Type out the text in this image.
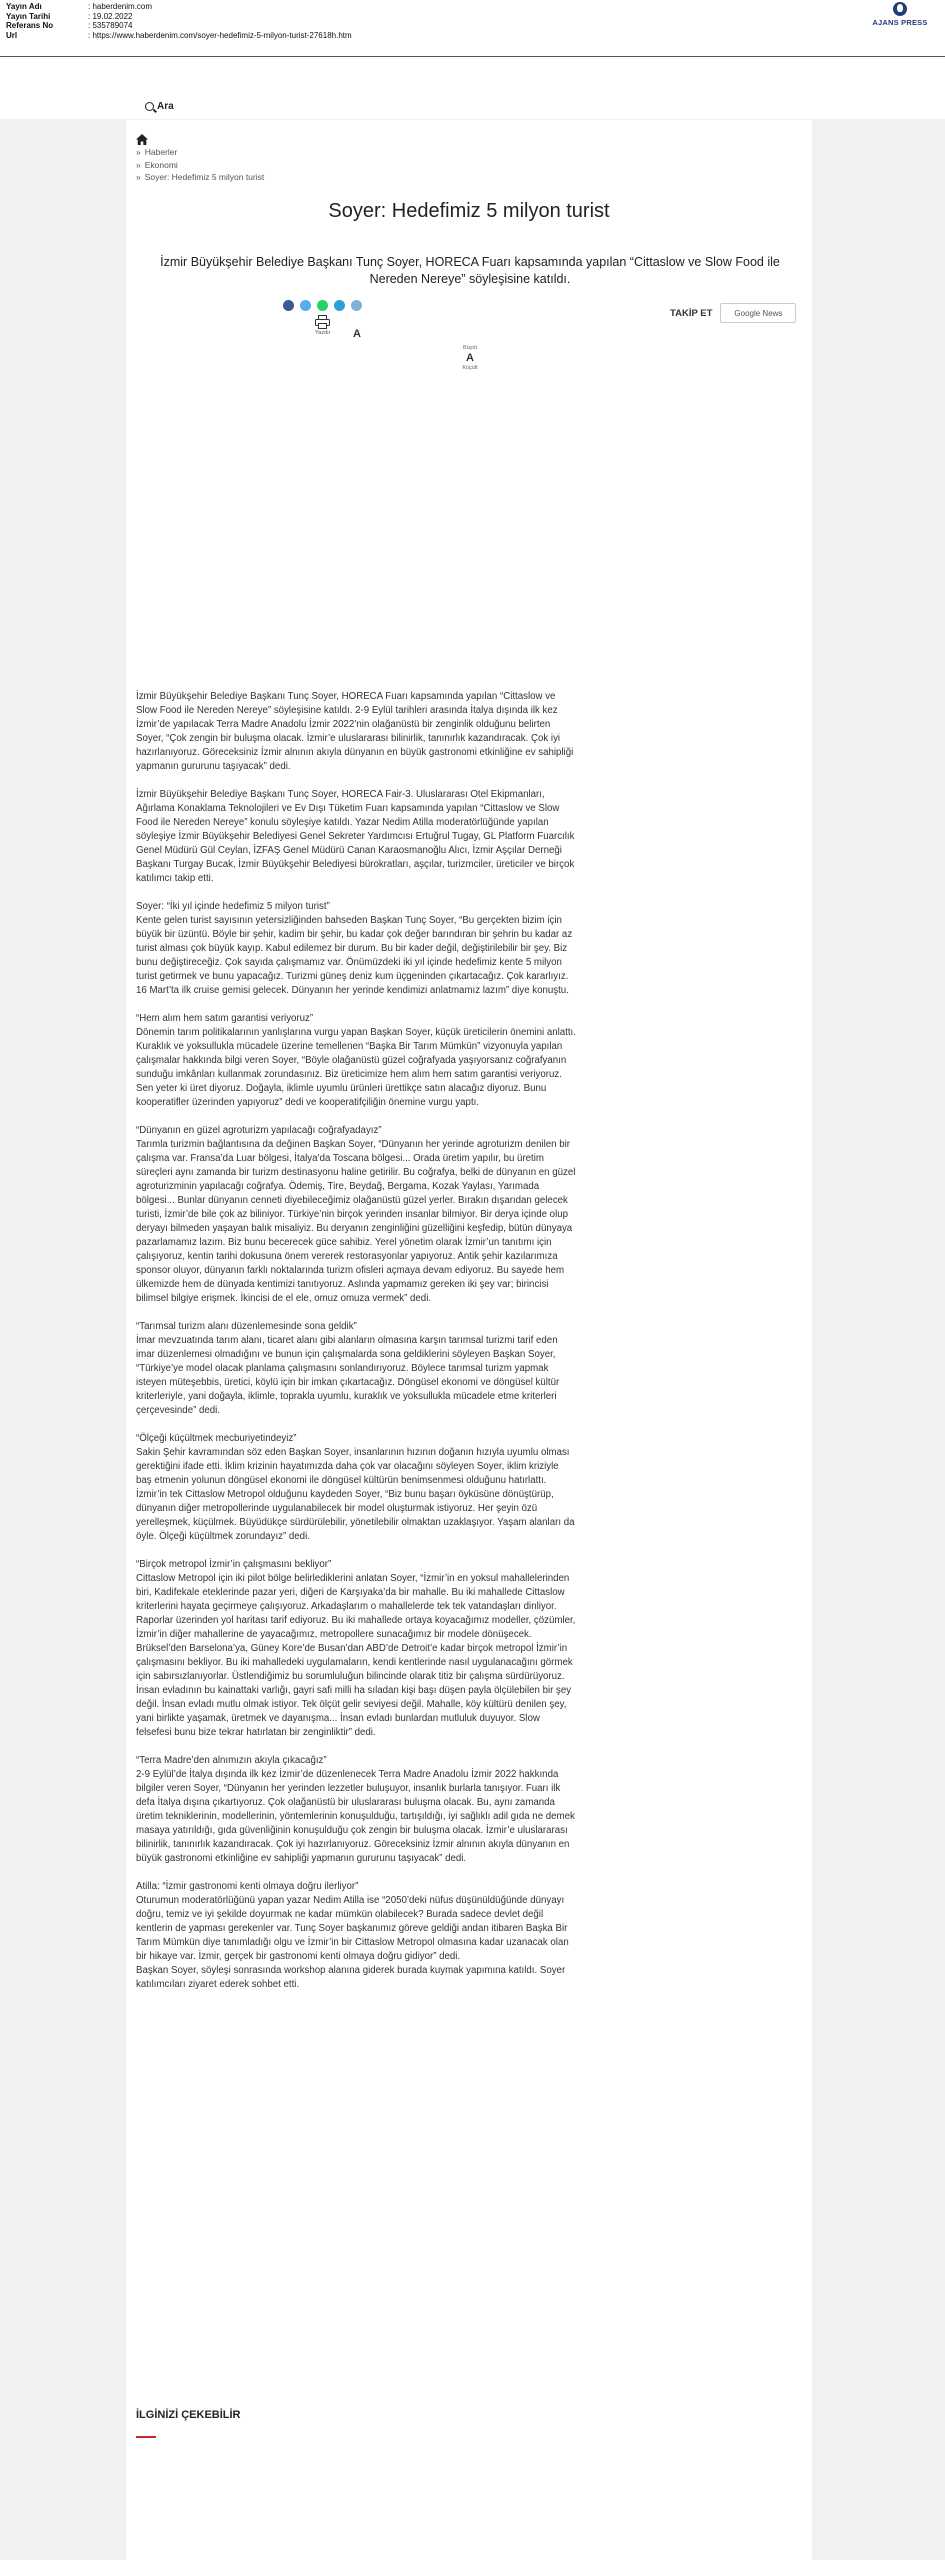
Yayın Adı	: haberdenim.com
Yayın Tarihi	: 19.02.2022
Referans No	: 535789074
Url	: https://www.haberdenim.com/soyer-hedefimiz-5-milyon-turist-27618h.htm
AJANS PRESS
Ara
» Haberler
» Ekonomi
» Soyer: Hedefimiz 5 milyon turist
Soyer: Hedefimiz 5 milyon turist

İzmir Büyükşehir Belediye Başkanı Tunç Soyer, HORECA Fuarı kapsamında yapılan “Cittaslow ve Slow Food ile Nereden Nereye” söyleşisine katıldı.

Yazdır A
TAKİP ET	Google News
Büyüt
A
Küçült

İzmir Büyükşehir Belediye Başkanı Tunç Soyer, HORECA Fuarı kapsamında yapılan “Cittaslow ve Slow Food ile Nereden Nereye” söyleşisine katıldı. 2-9 Eylül tarihleri arasında İtalya dışında ilk kez İzmir’de yapılacak Terra Madre Anadolu İzmir 2022’nin olağanüstü bir zenginlik olduğunu belirten Soyer, “Çok zengin bir buluşma olacak. İzmir’e uluslararası bilinirlik, tanınırlık kazandıracak. Çok iyi hazırlanıyoruz. Göreceksiniz İzmir alnının akıyla dünyanın en büyük gastronomi etkinliğine ev sahipliği yapmanın gururunu taşıyacak” dedi.

İzmir Büyükşehir Belediye Başkanı Tunç Soyer, HORECA Fair-3. Uluslararası Otel Ekipmanları, Ağırlama Konaklama Teknolojileri ve Ev Dışı Tüketim Fuarı kapsamında yapılan “Cittaslow ve Slow Food ile Nereden Nereye” konulu söyleşiye katıldı. Yazar Nedim Atilla moderatörlüğünde yapılan söyleşiye İzmir Büyükşehir Belediyesi Genel Sekreter Yardımcısı Ertuğrul Tugay, GL Platform Fuarcılık Genel Müdürü Gül Ceylan, İZFAŞ Genel Müdürü Canan Karaosmanoğlu Alıcı, İzmir Aşçılar Derneği Başkanı Turgay Bucak, İzmir Büyükşehir Belediyesi bürokratları, aşçılar, turizmciler, üreticiler ve birçok katılımcı takip etti.

Soyer: “İki yıl içinde hedefimiz 5 milyon turist”
Kente gelen turist sayısının yetersizliğinden bahseden Başkan Tunç Soyer, “Bu gerçekten bizim için büyük bir üzüntü. Böyle bir şehir, kadim bir şehir, bu kadar çok değer barındıran bir şehrin bu kadar az turist alması çok büyük kayıp. Kabul edilemez bir durum. Bu bir kader değil, değiştirilebilir bir şey. Biz bunu değiştireceğiz. Çok sayıda çalışmamız var. Önümüzdeki iki yıl içinde hedefimiz kente 5 milyon turist getirmek ve bunu yapacağız. Turizmi güneş deniz kum üçgeninden çıkartacağız. Çok kararlıyız. 16 Mart’ta ilk cruise gemisi gelecek. Dünyanın her yerinde kendimizi anlatmamız lazım” diye konuştu.

“Hem alım hem satım garantisi veriyoruz”
Dönemin tarım politikalarının yanlışlarına vurgu yapan Başkan Soyer, küçük üreticilerin önemini anlattı. Kuraklık ve yoksullukla mücadele üzerine temellenen “Başka Bir Tarım Mümkün” vizyonuyla yapılan çalışmalar hakkında bilgi veren Soyer, “Böyle olağanüstü güzel coğrafyada yaşıyorsanız coğrafyanın sunduğu imkânları kullanmak zorundasınız. Biz üreticimize hem alım hem satım garantisi veriyoruz. Sen yeter ki üret diyoruz. Doğayla, iklimle uyumlu ürünleri ürettikçe satın alacağız diyoruz. Bunu kooperatifler üzerinden yapıyoruz” dedi ve kooperatifçiliğin önemine vurgu yaptı.

“Dünyanın en güzel agroturizm yapılacağı coğrafyadayız”
Tarımla turizmin bağlantısına da değinen Başkan Soyer, “Dünyanın her yerinde agroturizm denilen bir çalışma var. Fransa’da Luar bölgesi, İtalya’da Toscana bölgesi... Orada üretim yapılır, bu üretim süreçleri aynı zamanda bir turizm destinasyonu haline getirilir. Bu coğrafya, belki de dünyanın en güzel agroturizminin yapılacağı coğrafya. Ödemiş, Tire, Beydağ, Bergama, Kozak Yaylası, Yarımada bölgesi... Bunlar dünyanın cenneti diyebileceğimiz olağanüstü güzel yerler. Bırakın dışarıdan gelecek turisti, İzmir’de bile çok az biliniyor. Türkiye’nin birçok yerinden insanlar bilmiyor. Bir derya içinde olup deryayı bilmeden yaşayan balık misaliyiz. Bu deryanın zenginliğini güzelliğini keşfedip, bütün dünyaya pazarlamamız lazım. Biz bunu becerecek güce sahibiz. Yerel yönetim olarak İzmir’un tanıtımı için çalışıyoruz, kentin tarihi dokusuna önem vererek restorasyonlar yapıyoruz. Antik şehir kazılarımıza sponsor oluyor, dünyanın farklı noktalarında turizm ofisleri açmaya devam ediyoruz. Bu sayede hem ülkemizde hem de dünyada kentimizi tanıtıyoruz. Aslında yapmamız gereken iki şey var; birincisi bilimsel bilgiye erişmek. İkincisi de el ele, omuz omuza vermek” dedi.

“Tarımsal turizm alanı düzenlemesinde sona geldik”
İmar mevzuatında tarım alanı, ticaret alanı gibi alanların olmasına karşın tarımsal turizmi tarif eden imar düzenlemesi olmadığını ve bunun için çalışmalarda sona geldiklerini söyleyen Başkan Soyer, “Türkiye’ye model olacak planlama çalışmasını sonlandırıyoruz. Böylece tarımsal turizm yapmak isteyen müteşebbis, üretici, köylü için bir imkan çıkartacağız. Döngüsel ekonomi ve döngüsel kültür kriterleriyle, yani doğayla, iklimle, toprakla uyumlu, kuraklık ve yoksullukla mücadele etme kriterleri çerçevesinde” dedi.

“Ölçeği küçültmek mecburiyetindeyiz”
Sakin Şehir kavramından söz eden Başkan Soyer, insanlarının hızının doğanın hızıyla uyumlu olması gerektiğini ifade etti. İklim krizinin hayatımızda daha çok var olacağını söyleyen Soyer, iklim kriziyle baş etmenin yolunun döngüsel ekonomi ile döngüsel kültürün benimsenmesi olduğunu hatırlattı. İzmir’in tek Cittaslow Metropol olduğunu kaydeden Soyer, “Biz bunu başarı öyküsüne dönüştürüp, dünyanın diğer metropollerinde uygulanabilecek bir model oluşturmak istiyoruz. Her şeyin özü yerelleşmek, küçülmek. Büyüdükçe sürdürülebilir, yönetilebilir olmaktan uzaklaşıyor. Yaşam alanları da öyle. Ölçeği küçültmek zorundayız” dedi.

“Birçok metropol İzmir’in çalışmasını bekliyor”
Cittaslow Metropol için iki pilot bölge belirlediklerini anlatan Soyer, “İzmir’in en yoksul mahallelerinden biri, Kadifekale eteklerinde pazar yeri, diğeri de Karşıyaka’da bir mahalle. Bu iki mahallede Cittaslow kriterlerini hayata geçirmeye çalışıyoruz. Arkadaşlarım o mahallelerde tek tek vatandaşları dinliyor. Raporlar üzerinden yol haritası tarif ediyoruz. Bu iki mahallede ortaya koyacağımız modeller, çözümler, İzmir’in diğer mahallerine de yayacağımız, metropollere sunacağımız bir modele dönüşecek. Brüksel’den Barselona’ya, Güney Kore’de Busan’dan ABD’de Detroit’e kadar birçok metropol İzmir’in çalışmasını bekliyor. Bu iki mahalledeki uygulamaların, kendi kentlerinde nasıl uygulanacağını görmek için sabırsızlanıyorlar. Üstlendiğimiz bu sorumluluğun bilincinde olarak titiz bir çalışma sürdürüyoruz. İnsan evladının bu kainattaki varlığı, gayri safi milli ha sıladan kişi başı düşen payla ölçülebilen bir şey değil. İnsan evladı mutlu olmak istiyor. Tek ölçüt gelir seviyesi değil. Mahalle, köy kültürü denilen şey, yani birlikte yaşamak, üretmek ve dayanışma... İnsan evladı bunlardan mutluluk duyuyor. Slow felsefesi bunu bize tekrar hatırlatan bir zenginliktir” dedi.

“Terra Madre’den alnımızın akıyla çıkacağız”
2-9 Eylül’de İtalya dışında ilk kez İzmir’de düzenlenecek Terra Madre Anadolu İzmir 2022 hakkında bilgiler veren Soyer, “Dünyanın her yerinden lezzetler buluşuyor, insanlık burlarla tanışıyor. Fuarı ilk defa İtalya dışına çıkartıyoruz. Çok olağanüstü bir uluslararası buluşma olacak. Bu, aynı zamanda üretim tekniklerinin, modellerinin, yöntemlerinin konuşulduğu, tartışıldığı, iyi sağlıklı adil gıda ne demek masaya yatırıldığı, gıda güvenliğinin konuşulduğu çok zengin bir buluşma olacak. İzmir’e uluslararası bilinirlik, tanınırlık kazandıracak. Çok iyi hazırlanıyoruz. Göreceksiniz İzmir alnının akıyla dünyanın en büyük gastronomi etkinliğine ev sahipliği yapmanın gururunu taşıyacak” dedi.

Atilla: “İzmir gastronomi kenti olmaya doğru ilerliyor”
Oturumun moderatörlüğünü yapan yazar Nedim Atilla ise “2050’deki nüfus düşünüldüğünde dünyayı doğru, temiz ve iyi şekilde doyurmak ne kadar mümkün olabilecek? Burada sadece devlet değil kentlerin de yapması gerekenler var. Tunç Soyer başkanımız göreve geldiği andan itibaren Başka Bir Tarım Mümkün diye tanımladığı olgu ve İzmir’in bir Cittaslow Metropol olmasına kadar uzanacak olan bir hikaye var. İzmir, gerçek bir gastronomi kenti olmaya doğru gidiyor” dedi.
Başkan Soyer, söyleşi sonrasında workshop alanına giderek burada kuymak yapımına katıldı. Soyer katılımcıları ziyaret ederek sohbet etti.

İLGİNİZİ ÇEKEBİLİR
